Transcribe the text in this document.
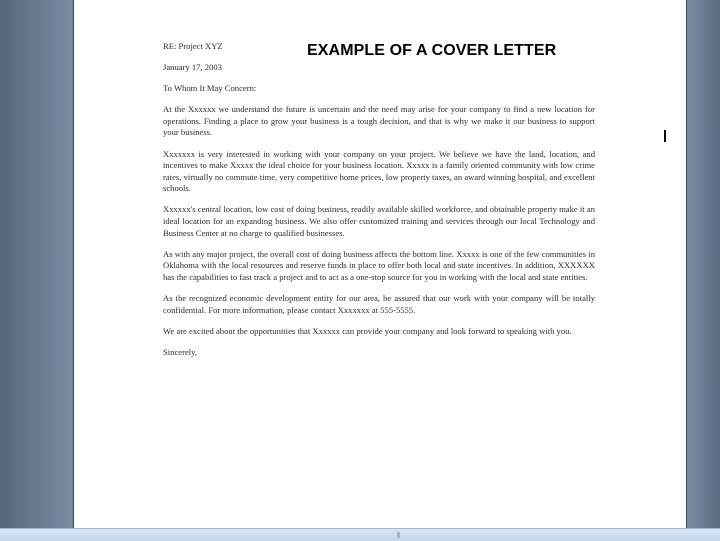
EXAMPLE OF A COVER LETTER

RE: Project XYZ

January 17, 2003

To Whom It May Concern:

At the Xxxxxx we understand the future is uncertain and the need may arise for your company to find a new location for operations. Finding a place to grow your business is a tough decision, and that is why we make it our business to support your business.

Xxxxxxx is very interested in working with your company on your project. We believe we have the land, location, and incentives to make Xxxxx the ideal choice for your business location. Xxxxx is a family oriented community with low crime rates, virtually no commute time, very competitive home prices, low property taxes, an award winning hospital, and excellent schools.

Xxxxxx's central location, low cost of doing business, readily available skilled workforce, and obtainable property make it an ideal location for an expanding business. We also offer customized training and services through our local Technology and Business Center at no charge to qualified businesses.

As with any major project, the overall cost of doing business affects the bottom line. Xxxxx is one of the few communities in Oklahoma with the local resources and reserve funds in place to offer both local and state incentives. In addition, XXXXXX has the capabilities to fast track a project and to act as a one-stop source for you in working with the local and state entities.

As the recognized economic development entity for our area, be assured that our work with your company will be totally confidential. For more information, please contact Xxxxxxx at 555-5555.

We are excited about the opportunities that Xxxxxx can provide your company and look forward to speaking with you.

Sincerely,

⦀
